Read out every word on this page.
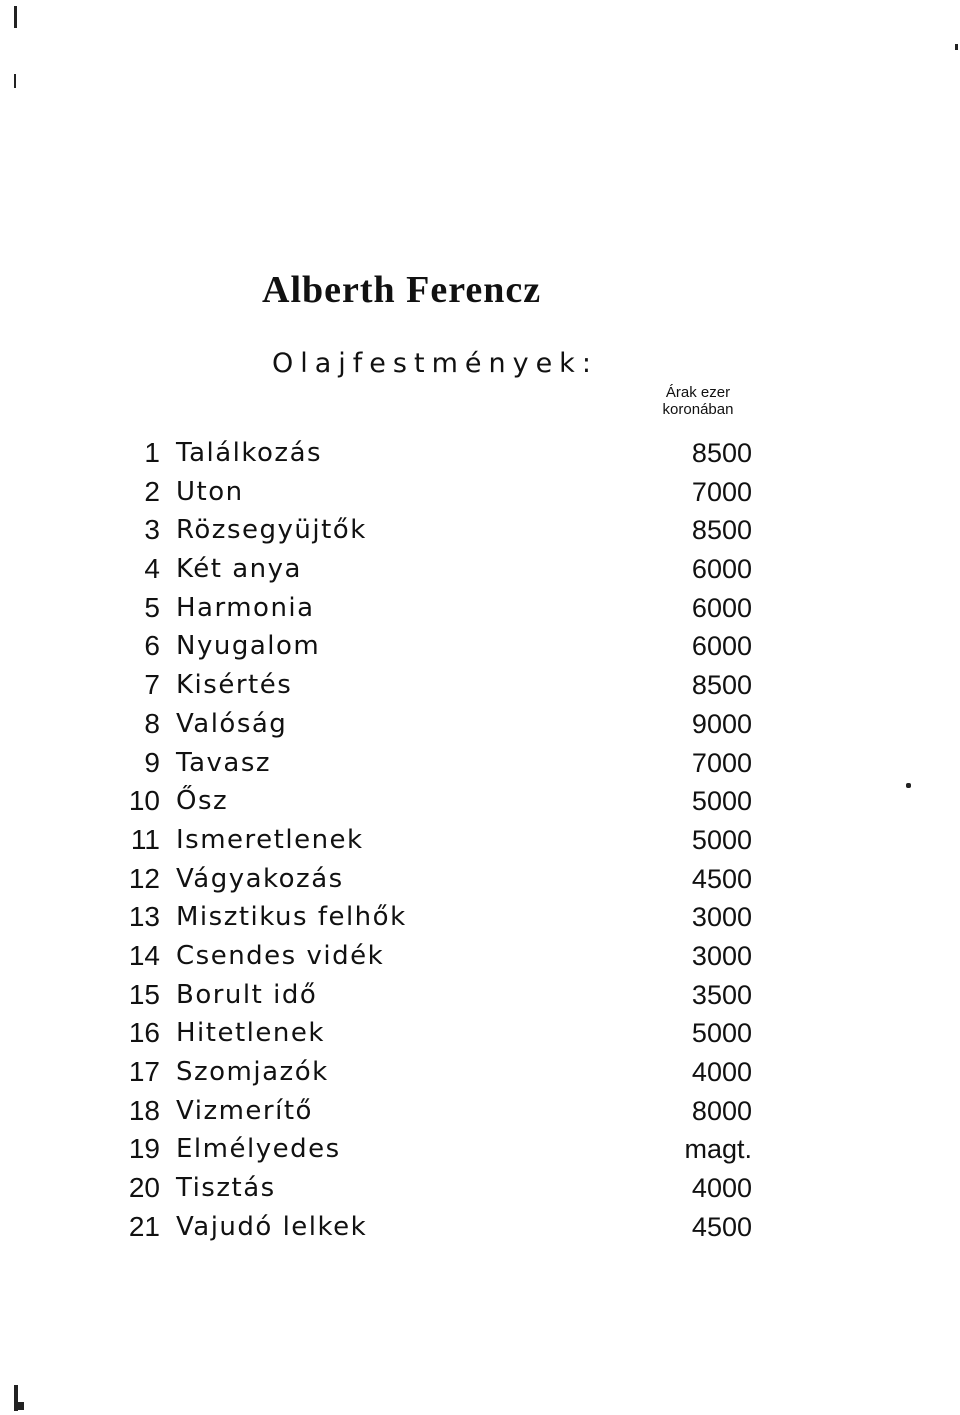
Alberth Ferencz
Olajfestmények:
Árak ezer
koronában
1 Találkozás	8500
2 Uton	7000
3 Rözsegyüjtők	8500
4 Két anya	6000
5 Harmonia	6000
6 Nyugalom	6000
7 Kisértés	8500
8 Valóság	9000
9 Tavasz	7000
10 Ősz	5000
11 Ismeretlenek	5000
12 Vágyakozás	4500
13 Misztikus felhők	3000
14 Csendes vidék	3000
15 Borult idő	3500
16 Hitetlenek	5000
17 Szomjazók	4000
18 Vizmerítő	8000
19 Elmélyedes	magt.
20 Tisztás	4000
21 Vajudó lelkek	4500
